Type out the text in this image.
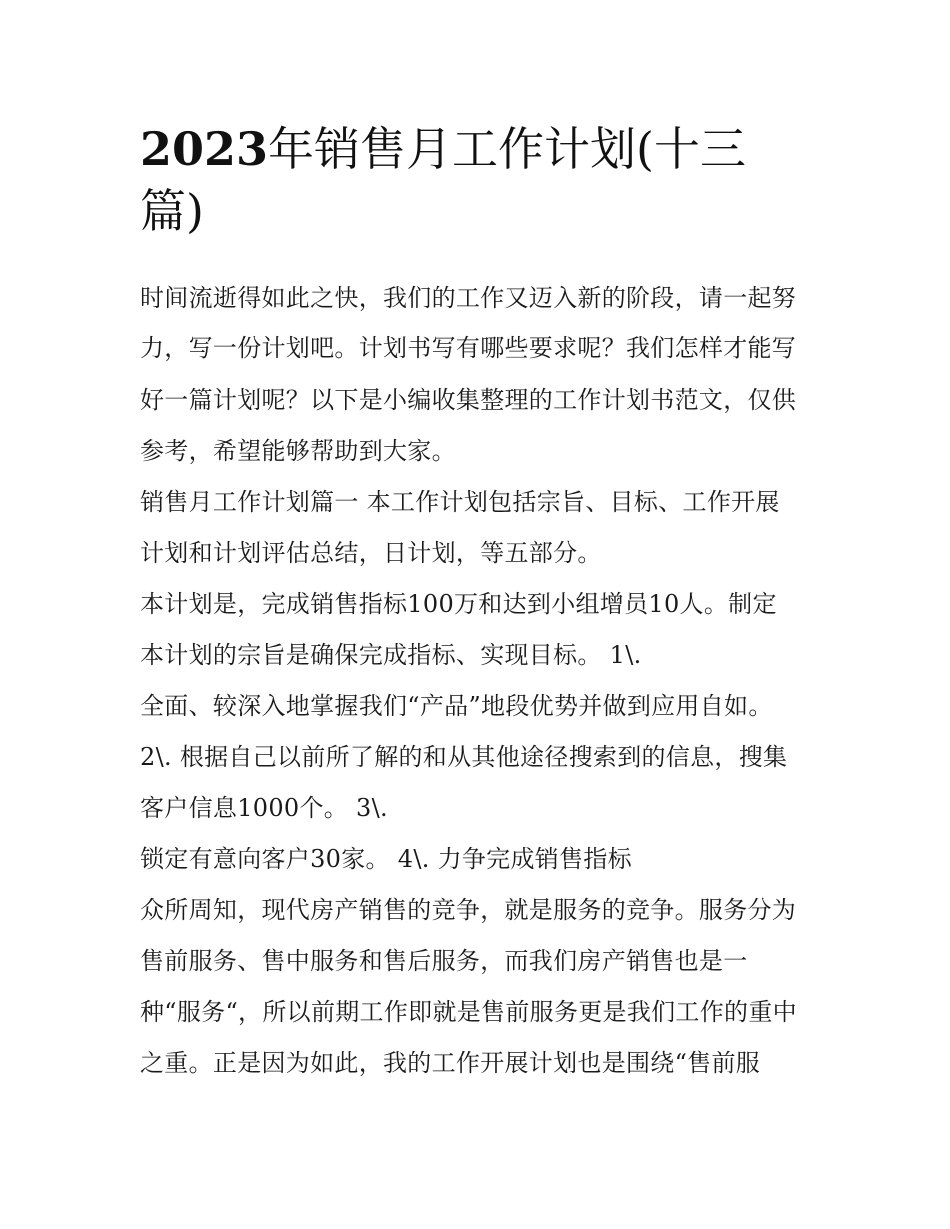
2023年销售月工作计划(十三
篇)

时间流逝得如此之快，我们的工作又迈入新的阶段，请一起努

力，写一份计划吧。计划书写有哪些要求呢？我们怎样才能写

好一篇计划呢？以下是小编收集整理的工作计划书范文，仅供

参考，希望能够帮助到大家。

销售月工作计划篇一 本工作计划包括宗旨、目标、工作开展

计划和计划评估总结，日计划，等五部分。

本计划是，完成销售指标100万和达到小组增员10人。制定

本计划的宗旨是确保完成指标、实现目标。 1\.

全面、较深入地掌握我们“产品”地段优势并做到应用自如。

2\. 根据自己以前所了解的和从其他途径搜索到的信息，搜集

客户信息1000个。 3\.

锁定有意向客户30家。 4\. 力争完成销售指标

众所周知，现代房产销售的竞争，就是服务的竞争。服务分为

售前服务、售中服务和售后服务，而我们房产销售也是一

种“服务“，所以前期工作即就是售前服务更是我们工作的重中

之重。正是因为如此，我的工作开展计划也是围绕“售前服
